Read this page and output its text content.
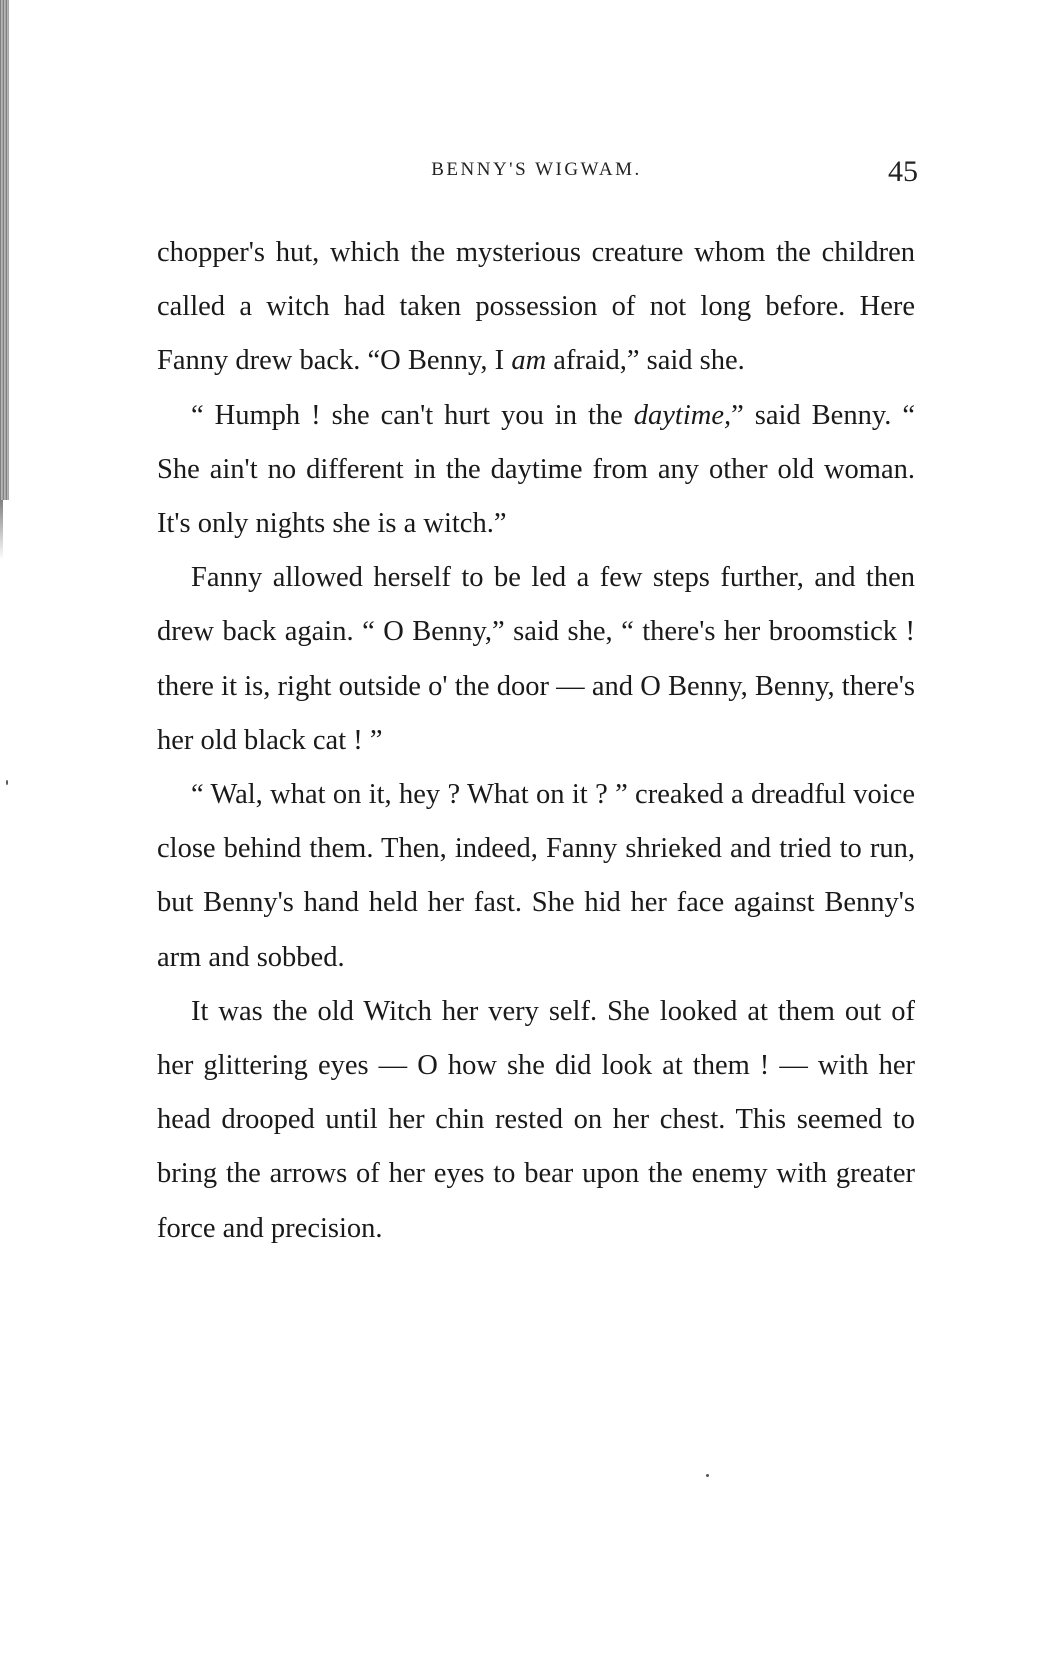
BENNY'S WIGWAM.	45

chopper's hut, which the mysterious creature whom the children called a witch had taken possession of not long before. Here Fanny drew back. “O Benny, I am afraid,” said she.

“ Humph ! she can't hurt you in the daytime,” said Benny. “ She ain't no different in the daytime from any other old woman. It's only nights she is a witch.”

Fanny allowed herself to be led a few steps further, and then drew back again. “ O Benny,” said she, “ there's her broomstick ! there it is, right outside o' the door — and O Benny, Benny, there's her old black cat ! ”

“ Wal, what on it, hey ? What on it ? ” creaked a dreadful voice close behind them. Then, indeed, Fanny shrieked and tried to run, but Benny's hand held her fast. She hid her face against Benny's arm and sobbed.

It was the old Witch her very self. She looked at them out of her glittering eyes — O how she did look at them ! — with her head drooped until her chin rested on her chest. This seemed to bring the arrows of her eyes to bear upon the enemy with greater force and precision.
